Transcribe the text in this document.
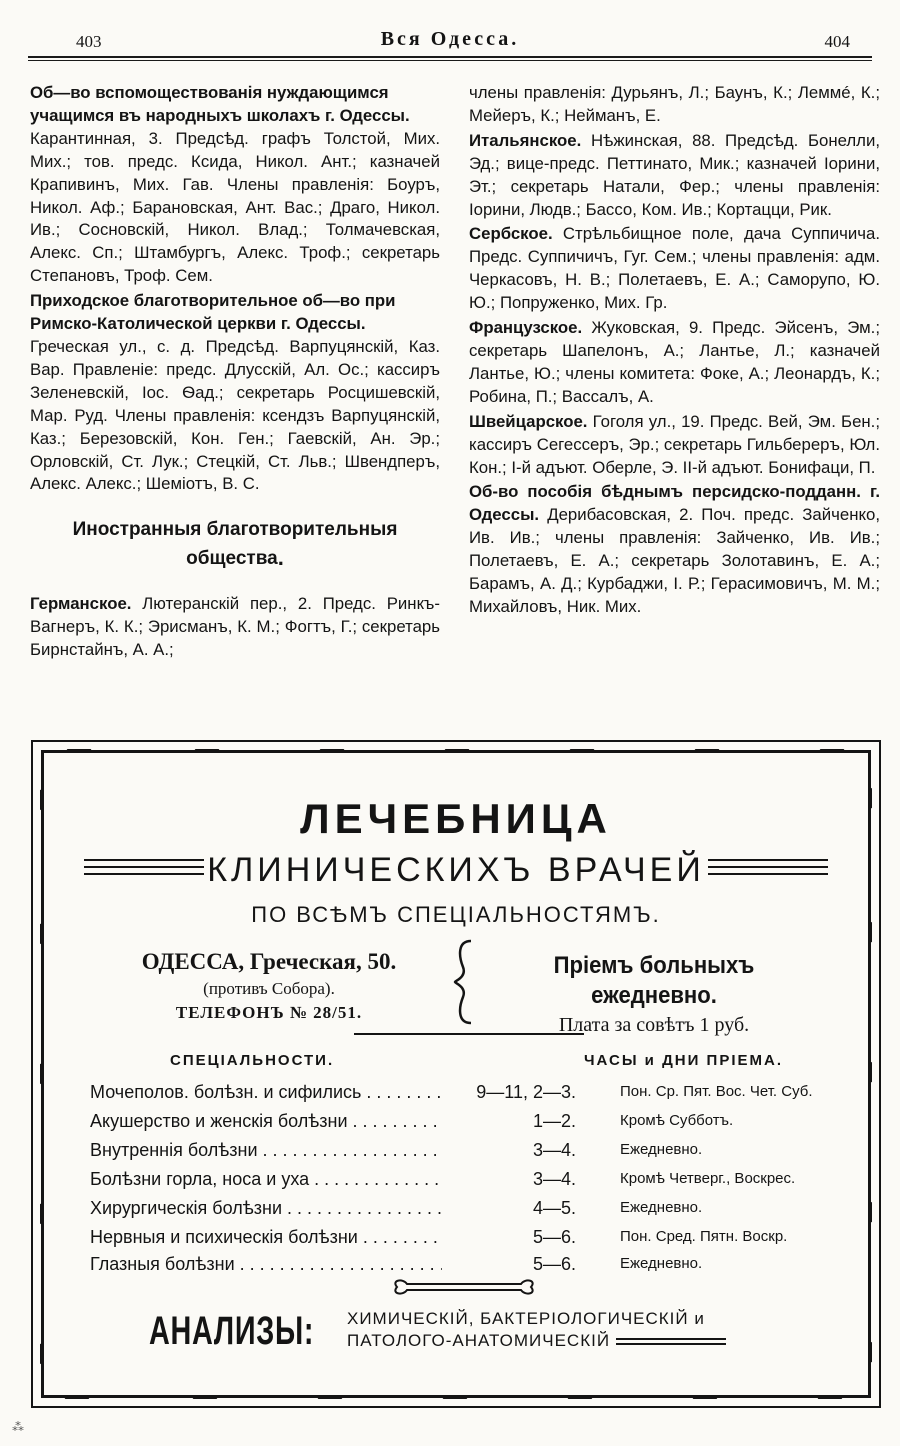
403	Вся Одесса.	404
Об—во вспомоществованія нуждающимся учащимся въ народныхъ школахъ г. Одессы.
Карантинная, 3. Предсѣд. графъ Толстой, Мих. Мих.; тов. предс. Ксида, Никол. Ант.; казначей Крапивинъ, Мих. Гав. Члены правленія: Боуръ, Никол. Аф.; Барановская, Ант. Вас.; Драго, Никол. Ив.; Сосновскій, Никол. Влад.; Толмачевская, Алекс. Сп.; Штамбургъ, Алекс. Троф.; секретарь Степановъ, Троф. Сем.
Приходское благотворительное об—во при Римско-Католической церкви г. Одессы.
Греческая ул., с. д. Предсѣд. Варпуцянскій, Каз. Вар. Правленіе: предс. Длусскій, Ал. Ос.; кассиръ Зеленевскій, Іос. Ѳад.; секретарь Росцишевскій, Мар. Руд. Члены правленія: ксендзъ Варпуцянскій, Каз.; Березовскій, Кон. Ген.; Гаевскій, Ан. Эр.; Орловскій, Ст. Лук.; Стецкій, Ст. Льв.; Швендперъ, Алекс. Алекс.; Шеміотъ, В. С.
Иностранныя благотворительныя общества.
Германское. Лютеранскій пер., 2. Предс. Ринкъ-Вагнеръ, К. К.; Эрисманъ, К. М.; Фогтъ, Г.; секретарь Бирнстайнъ, А. А.;
члены правленія: Дурьянъ, Л.; Баунъ, К.; Леммé, К.; Мейеръ, К.; Нейманъ, Е.
Итальянское. Нѣжинская, 88. Предсѣд. Бонелли, Эд.; вице-предс. Петтинато, Мик.; казначей Іорини, Эт.; секретарь Натали, Фер.; члены правленія: Іорини, Людв.; Бассо, Ком. Ив.; Кортацци, Рик.
Сербское. Стрѣльбищное поле, дача Суппичича. Предс. Суппичичъ, Гуг. Сем.; члены правленія: адм. Черкасовъ, Н. В.; Полетаевъ, Е. А.; Саморупо, Ю. Ю.; Попруженко, Мих. Гр.
Французское. Жуковская, 9. Предс. Эйсенъ, Эм.; секретарь Шапелонъ, А.; Лантье, Л.; казначей Лантье, Ю.; члены комитета: Фоке, А.; Леонардъ, К.; Робина, П.; Вассалъ, А.
Швейцарское. Гоголя ул., 19. Предс. Вей, Эм. Бен.; кассиръ Сегессеръ, Эр.; секретарь Гильбереръ, Юл. Кон.; I-й адъют. Оберле, Э. II-й адъют. Бонифаци, П.
Об-во пособія бѣднымъ персидско-подданн. г. Одессы. Дерибасовская, 2. Поч. предс. Зайченко, Ив. Ив.; члены правленія: Зайченко, Ив. Ив.; Полетаевъ, Е. А.; секретарь Золотавинъ, Е. А.; Барамъ, А. Д.; Курбаджи, I. Р.; Герасимовичъ, М. М.; Михайловъ, Ник. Мих.
ЛЕЧЕБНИЦА
КЛИНИЧЕСКИХЪ ВРАЧЕЙ
ПО ВСѢМЪ СПЕЦІАЛЬНОСТЯМЪ.
ОДЕССА, Греческая, 50.
(противъ Собора).
ТЕЛЕФОНЪ № 28/51.
Пріемъ больныхъ ежедневно.
Плата за совѣтъ 1 руб.
СПЕЦІАЛЬНОСТИ.	ЧАСЫ и ДНИ ПРІЕМА.
Мочеполов. болѣзн. и сифились . . .	9—11, 2—3.	Пон. Ср. Пят. Вос. Чет. Суб.
Акушерство и женскія болѣзни . . .	1—2.	Кромѣ Субботъ.
Внутреннія болѣзни . . .	3—4.	Ежедневно.
Болѣзни горла, носа и уха . . .	3—4.	Кромѣ Четверг., Воскрес.
Хирургическія болѣзни . . .	4—5.	Ежедневно.
Нервныя и психическія болѣзни . . .	5—6.	Пон. Сред. Пятн. Воскр.
Глазныя болѣзни . . .	5—6.	Ежедневно.
АНАЛИЗЫ: ХИМИЧЕСКІЙ, БАКТЕРІОЛОГИЧЕСКІЙ и
ПАТОЛОГО-АНАТОМИЧЕСКІЙ
⁂
